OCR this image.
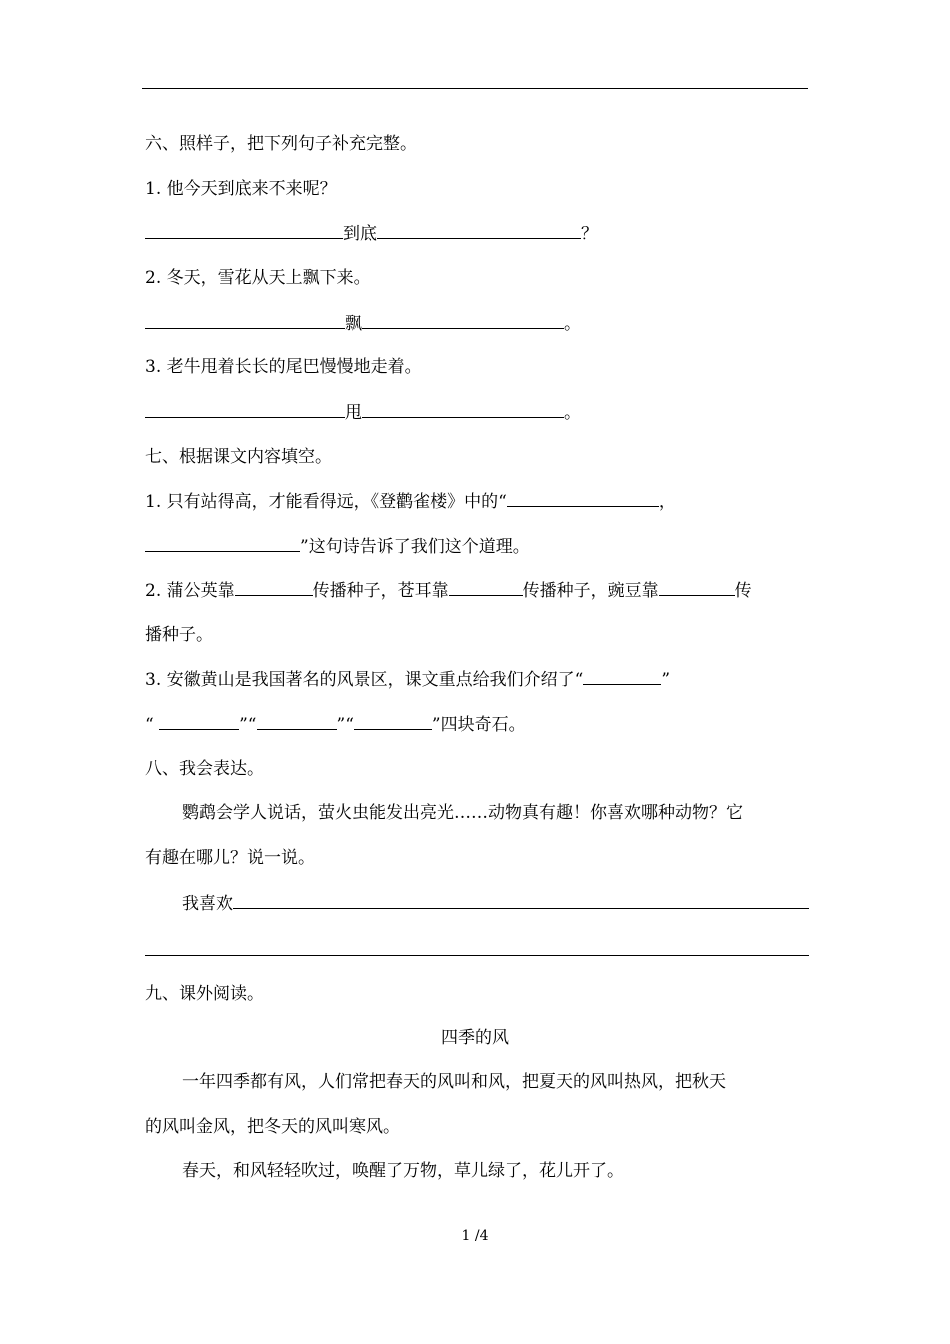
六、照样子，把下列句子补充完整。
1. 他今天到底来不来呢？
到底	？
2. 冬天，雪花从天上飘下来。
飘	。
3. 老牛甩着长长的尾巴慢慢地走着。
甩	。
七、根据课文内容填空。
1. 只有站得高，才能看得远，《登鹳雀楼》中的“	，
”这句诗告诉了我们这个道理。
2. 蒲公英靠	传播种子，苍耳靠	传播种子，豌豆靠	传
播种子。
3. 安徽黄山是我国著名的风景区，课文重点给我们介绍了“	”
“	”“	”“	”四块奇石。
八、我会表达。
鹦鹉会学人说话，萤火虫能发出亮光……动物真有趣！你喜欢哪种动物？它
有趣在哪儿？说一说。
我喜欢
九、课外阅读。
四季的风
一年四季都有风，人们常把春天的风叫和风，把夏天的风叫热风，把秋天
的风叫金风，把冬天的风叫寒风。
春天，和风轻轻吹过，唤醒了万物，草儿绿了，花儿开了。
1 /4
